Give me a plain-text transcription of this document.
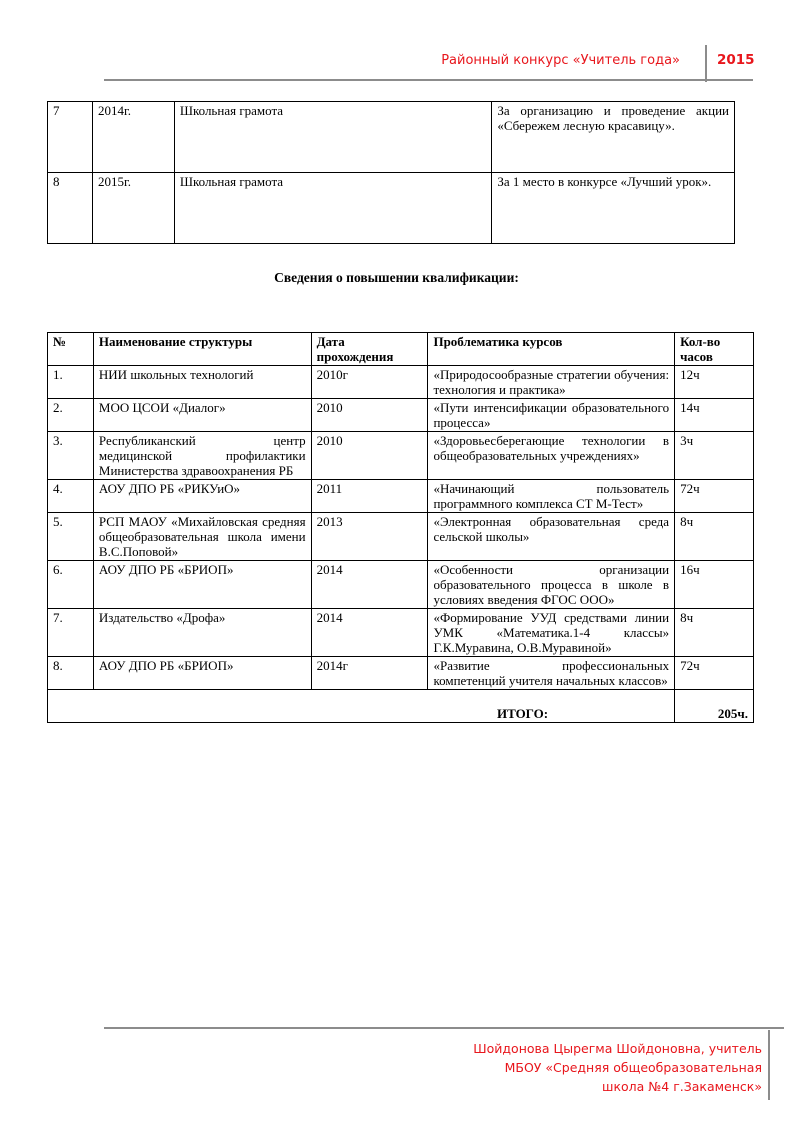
Районный конкурс «Учитель года»	2015
7	2014г.	Школьная грамота	За организацию и проведение акции «Сбережем лесную красавицу».
8	2015г.	Школьная грамота	За 1 место в конкурсе «Лучший урок».
Сведения о повышении квалификации:
№	Наименование структуры	Дата прохождения	Проблематика курсов	Кол-во часов
1.	НИИ школьных технологий	2010г	«Природосообразные стратегии обучения: технология и практика»	12ч
2.	МОО ЦСОИ «Диалог»	2010	«Пути интенсификации образовательного процесса»	14ч
3.	Республиканский центр медицинской профилактики Министерства здравоохранения РБ	2010	«Здоровьесберегающие технологии в общеобразовательных учреждениях»	3ч
4.	АОУ ДПО РБ «РИКУиО»	2011	«Начинающий пользователь программного комплекса СТ М-Тест»	72ч
5.	РСП МАОУ «Михайловская средняя общеобразовательная школа имени В.С.Поповой»	2013	«Электронная образовательная среда сельской школы»	8ч
6.	АОУ ДПО РБ «БРИОП»	2014	«Особенности организации образовательного процесса в школе в условиях введения ФГОС ООО»	16ч
7.	Издательство «Дрофа»	2014	«Формирование УУД средствами линии УМК «Математика.1-4 классы» Г.К.Муравина, О.В.Муравиной»	8ч
8.	АОУ ДПО РБ «БРИОП»	2014г	«Развитие профессиональных компетенций учителя начальных классов»	72ч
ИТОГО:				205ч.
Шойдонова Цырегма Шойдоновна, учитель
МБОУ «Средняя общеобразовательная
школа №4 г.Закаменск»
